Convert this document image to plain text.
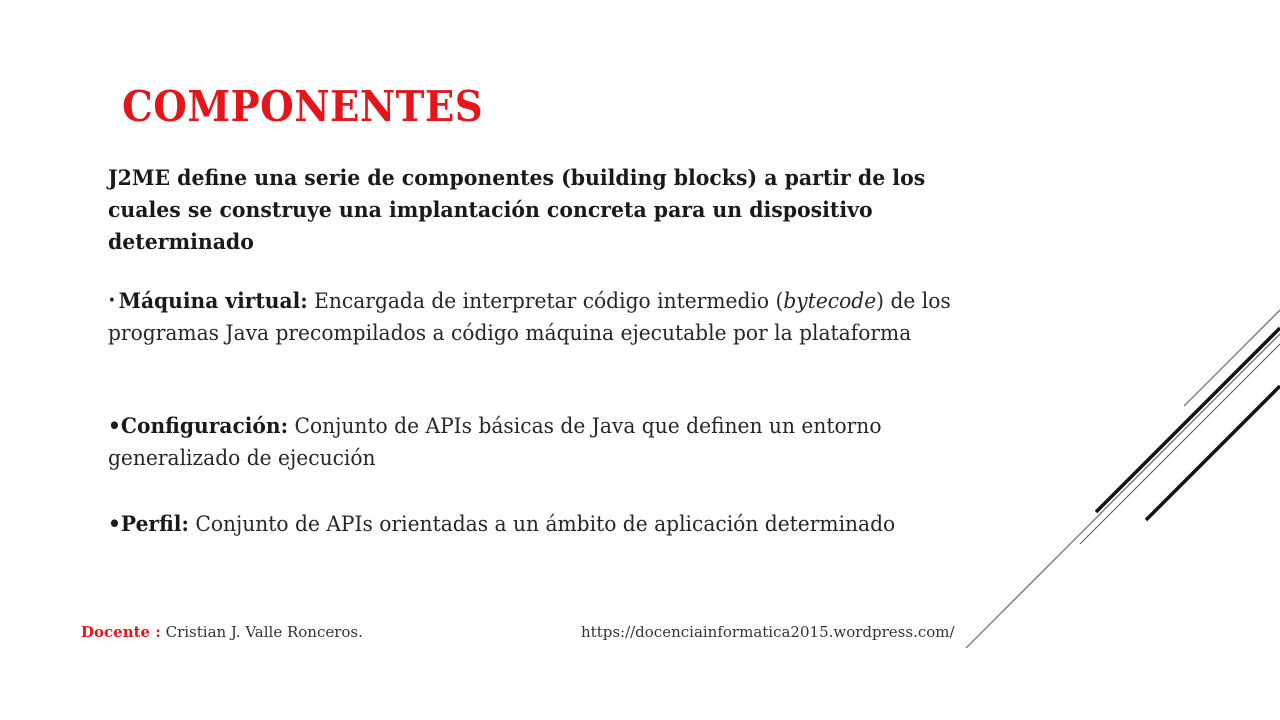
COMPONENTES
J2ME define una serie de componentes (building blocks) a partir de los cuales se construye una implantación concreta para un dispositivo determinado
• Máquina virtual: Encargada de interpretar código intermedio (bytecode) de los programas Java precompilados a código máquina ejecutable por la plataforma
•Configuración: Conjunto de APIs básicas de Java que definen un entorno generalizado de ejecución
•Perfil: Conjunto de APIs orientadas a un ámbito de aplicación determinado
Docente : Cristian J. Valle Ronceros.	https://docenciainformatica2015.wordpress.com/
